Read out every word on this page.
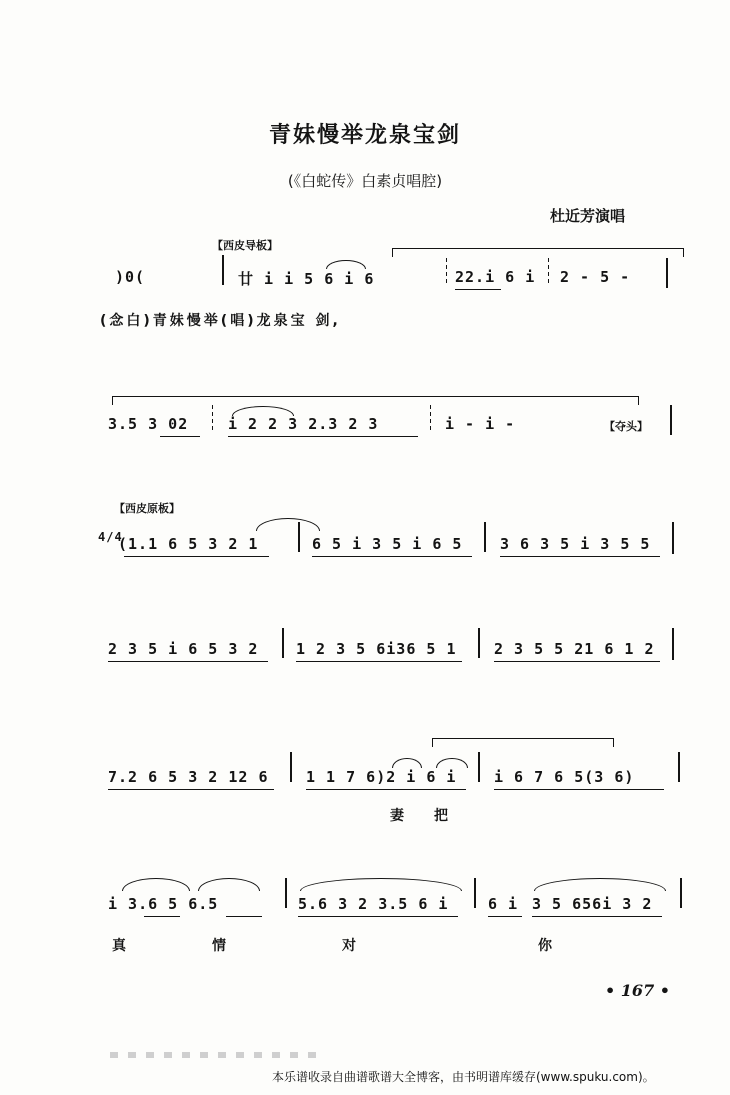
青妹慢举龙泉宝剑
(《白蛇传》白素贞唱腔)
杜近芳演唱
【西皮导板】
)0(	廿 i i 5 6 i 6	22.i 6 i 2 - 5 -
(念白)青妹慢举(唱)龙泉宝 剑,
3.5 3 02	i 2 2 3 2.3 2 3	i - i -	【夺头】
【西皮原板】
4/4
(1.1 6 5 3 2 1	6 5 i 3 5 i 6 5	3 6 3 5 i 3 5 5
2 3 5 i 6 5 3 2	1 2 3 5 6i36 5 1	2 3 5 5 21 6 1 2
7.2 6 5 3 2 12 6	1 1 7 6)2 i 6 i	i 6 7 6 5(3 6)
妻 把
i 3.6 5 6.5	5.6 3 2 3.5 6 i	6 i 3 5 656i 3 2
真	情	对	你
• 167 •
本乐谱收录自曲谱歌谱大全博客，由书明谱库缓存(www.spuku.com)。
